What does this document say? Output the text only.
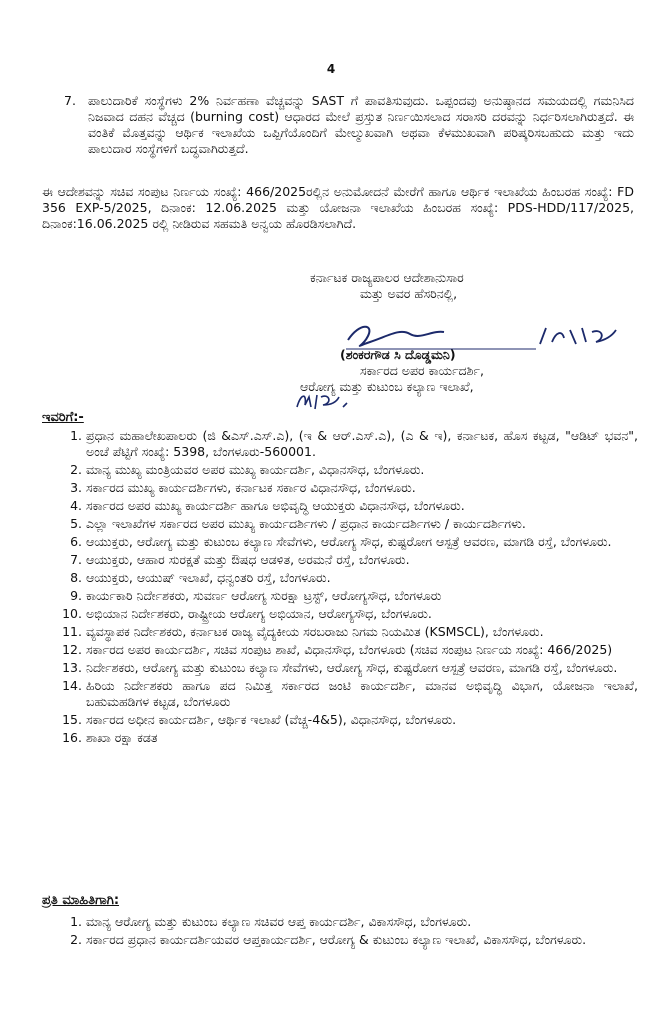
4
7. ಪಾಲುದಾರಿಕೆ ಸಂಸ್ಥೆಗಳು 2% ನಿರ್ವಹಣಾ ವೆಚ್ಚವನ್ನು SAST ಗೆ ಪಾವತಿಸುವುದು. ಒಪ್ಪಂದವು ಅನುಷ್ಠಾನದ ಸಮಯದಲ್ಲಿ ಗಮನಿಸಿದ ನಿಜವಾದ ದಹನ ವೆಚ್ಚದ (burning cost) ಆಧಾರದ ಮೇಲೆ ಪ್ರಸ್ತುತ ನಿರ್ಣಯಿಸಲಾದ ಸರಾಸರಿ ದರವನ್ನು ನಿರ್ಧರಿಸಲಾಗಿರುತ್ತದೆ. ಈ ವಂತಿಕೆ ಮೊತ್ತವನ್ನು ಆರ್ಥಿಕ ಇಲಾಖೆಯ ಒಪ್ಪಿಗೆಯೊಂದಿಗೆ ಮೇಲ್ಮುಖವಾಗಿ ಅಥವಾ ಕೆಳಮುಖವಾಗಿ ಪರಿಷ್ಕರಿಸಬಹುದು ಮತ್ತು ಇದು ಪಾಲುದಾರ ಸಂಸ್ಥೆಗಳಿಗೆ ಬದ್ಧವಾಗಿರುತ್ತದೆ.
ಈ ಆದೇಶವನ್ನು ಸಚಿವ ಸಂಪುಟ ನಿರ್ಣಯ ಸಂಖ್ಯೆ: 466/2025ರಲ್ಲಿನ ಅನುಮೋದನೆ ಮೇರೆಗೆ ಹಾಗೂ ಆರ್ಥಿಕ ಇಲಾಖೆಯ ಹಿಂಬರಹ ಸಂಖ್ಯೆ: FD 356 EXP-5/2025, ದಿನಾಂಕ: 12.06.2025 ಮತ್ತು ಯೋಜನಾ ಇಲಾಖೆಯ ಹಿಂಬರಹ ಸಂಖ್ಯೆ: PDS-HDD/117/2025, ದಿನಾಂಕ:16.06.2025 ರಲ್ಲಿ ನೀಡಿರುವ ಸಹಮತಿ ಅನ್ವಯ ಹೊರಡಿಸಲಾಗಿದೆ.
ಕರ್ನಾಟಕ ರಾಜ್ಯಪಾಲರ ಆದೇಶಾನುಸಾರ
ಮತ್ತು ಅವರ ಹೆಸರಿನಲ್ಲಿ,
(ಶಂಕರಗೌಡ ಸಿ ದೊಡ್ಡಮನಿ)
ಸರ್ಕಾರದ ಅಪರ ಕಾರ್ಯದರ್ಶಿ,
ಆರೋಗ್ಯ ಮತ್ತು ಕುಟುಂಬ ಕಲ್ಯಾಣ ಇಲಾಖೆ,
ಇವರಿಗೆ:-
1. ಪ್ರಧಾನ ಮಹಾಲೇಖಪಾಲರು (ಜಿ &ಎಸ್.ಎಸ್.ಎ), (ಇ & ಆರ್.ಎಸ್.ಎ), (ಎ & ಇ), ಕರ್ನಾಟಕ, ಹೊಸ ಕಟ್ಟಡ, "ಆಡಿಟ್ ಭವನ", ಅಂಚೆ ಪೆಟ್ಟಿಗೆ ಸಂಖ್ಯೆ: 5398, ಬೆಂಗಳೂರು-560001.
2. ಮಾನ್ಯ ಮುಖ್ಯ ಮಂತ್ರಿಯವರ ಅಪರ ಮುಖ್ಯ ಕಾರ್ಯದರ್ಶಿ, ವಿಧಾನಸೌಧ, ಬೆಂಗಳೂರು.
3. ಸರ್ಕಾರದ ಮುಖ್ಯ ಕಾರ್ಯದರ್ಶಿಗಳು, ಕರ್ನಾಟಕ ಸರ್ಕಾರ ವಿಧಾನಸೌಧ, ಬೆಂಗಳೂರು.
4. ಸರ್ಕಾರದ ಅಪರ ಮುಖ್ಯ ಕಾರ್ಯದರ್ಶಿ ಹಾಗೂ ಅಭಿವೃದ್ಧಿ ಆಯುಕ್ತರು ವಿಧಾನಸೌಧ, ಬೆಂಗಳೂರು.
5. ಎಲ್ಲಾ ಇಲಾಖೆಗಳ ಸರ್ಕಾರದ ಅಪರ ಮುಖ್ಯ ಕಾರ್ಯದರ್ಶಿಗಳು / ಪ್ರಧಾನ ಕಾರ್ಯದರ್ಶಿಗಳು / ಕಾರ್ಯದರ್ಶಿಗಳು.
6. ಆಯುಕ್ತರು, ಆರೋಗ್ಯ ಮತ್ತು ಕುಟುಂಬ ಕಲ್ಯಾಣ ಸೇವೆಗಳು, ಆರೋಗ್ಯ ಸೌಧ, ಕುಷ್ಟರೋಗ ಆಸ್ಪತ್ರೆ ಆವರಣ, ಮಾಗಡಿ ರಸ್ತೆ, ಬೆಂಗಳೂರು.
7. ಆಯುಕ್ತರು, ಆಹಾರ ಸುರಕ್ಷತೆ ಮತ್ತು ಔಷಧ ಆಡಳಿತ, ಅರಮನೆ ರಸ್ತೆ, ಬೆಂಗಳೂರು.
8. ಆಯುಕ್ತರು, ಆಯುಷ್ ಇಲಾಖೆ, ಧನ್ವಂತರಿ ರಸ್ತೆ, ಬೆಂಗಳೂರು.
9. ಕಾರ್ಯಕಾರಿ ನಿರ್ದೇಶಕರು, ಸುವರ್ಣ ಆರೋಗ್ಯ ಸುರಕ್ಷಾ ಟ್ರಸ್ಟ್, ಆರೋಗ್ಯಸೌಧ, ಬೆಂಗಳೂರು
10. ಅಭಿಯಾನ ನಿರ್ದೇಶಕರು, ರಾಷ್ಟ್ರೀಯ ಆರೋಗ್ಯ ಅಭಿಯಾನ, ಆರೋಗ್ಯಸೌಧ, ಬೆಂಗಳೂರು.
11. ವ್ಯವಸ್ಥಾಪಕ ನಿರ್ದೇಶಕರು, ಕರ್ನಾಟಕ ರಾಜ್ಯ ವೈದ್ಯಕೀಯ ಸರಬರಾಜು ನಿಗಮ ನಿಯಮಿತ (KSMSCL), ಬೆಂಗಳೂರು.
12. ಸರ್ಕಾರದ ಅಪರ ಕಾರ್ಯದರ್ಶಿ, ಸಚಿವ ಸಂಪುಟ ಶಾಖೆ, ವಿಧಾನಸೌಧ, ಬೆಂಗಳೂರು (ಸಚಿವ ಸಂಪುಟ ನಿರ್ಣಯ ಸಂಖ್ಯೆ: 466/2025)
13. ನಿರ್ದೇಶಕರು, ಆರೋಗ್ಯ ಮತ್ತು ಕುಟುಂಬ ಕಲ್ಯಾಣ ಸೇವೆಗಳು, ಆರೋಗ್ಯ ಸೌಧ, ಕುಷ್ಟರೋಗ ಆಸ್ಪತ್ರೆ ಆವರಣ, ಮಾಗಡಿ ರಸ್ತೆ, ಬೆಂಗಳೂರು.
14. ಹಿರಿಯ ನಿರ್ದೇಶಕರು ಹಾಗೂ ಪದ ನಿಮಿತ್ತ ಸರ್ಕಾರದ ಜಂಟಿ ಕಾರ್ಯದರ್ಶಿ, ಮಾನವ ಅಭಿವೃದ್ಧಿ ವಿಭಾಗ, ಯೋಜನಾ ಇಲಾಖೆ, ಬಹುಮಹಡಿಗಳ ಕಟ್ಟಡ, ಬೆಂಗಳೂರು
15. ಸರ್ಕಾರದ ಅಧೀನ ಕಾರ್ಯದರ್ಶಿ, ಆರ್ಥಿಕ ಇಲಾಖೆ (ವೆಚ್ಚ-4&5), ವಿಧಾನಸೌಧ, ಬೆಂಗಳೂರು.
16. ಶಾಖಾ ರಕ್ಷಾ ಕಡತ
ಪ್ರತಿ ಮಾಹಿತಿಗಾಗಿ:
1. ಮಾನ್ಯ ಆರೋಗ್ಯ ಮತ್ತು ಕುಟುಂಬ ಕಲ್ಯಾಣ ಸಚಿವರ ಆಪ್ತ ಕಾರ್ಯದರ್ಶಿ, ವಿಕಾಸಸೌಧ, ಬೆಂಗಳೂರು.
2. ಸರ್ಕಾರದ ಪ್ರಧಾನ ಕಾರ್ಯದರ್ಶಿಯವರ ಆಪ್ತಕಾರ್ಯದರ್ಶಿ, ಆರೋಗ್ಯ & ಕುಟುಂಬ ಕಲ್ಯಾಣ ಇಲಾಖೆ, ವಿಕಾಸಸೌಧ, ಬೆಂಗಳೂರು.
